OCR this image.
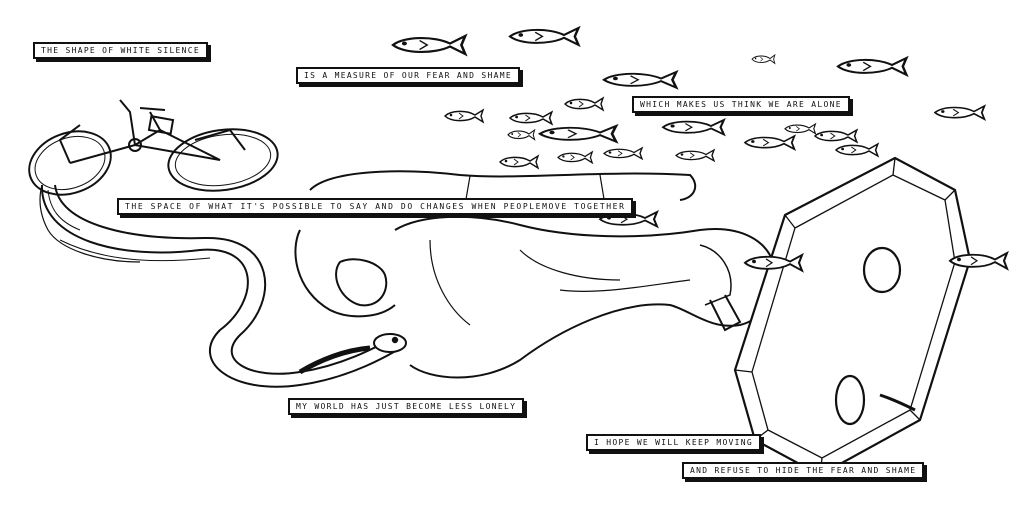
THE SHAPE OF WHITE SILENCE
IS A MEASURE OF OUR FEAR AND SHAME
WHICH MAKES US THINK WE ARE ALONE
THE SPACE OF WHAT IT'S POSSIBLE TO SAY AND DO CHANGES WHEN PEOPLEMOVE TOGETHER
MY WORLD HAS JUST BECOME LESS LONELY
I HOPE WE WILL KEEP MOVING
AND REFUSE TO HIDE THE FEAR AND SHAME
